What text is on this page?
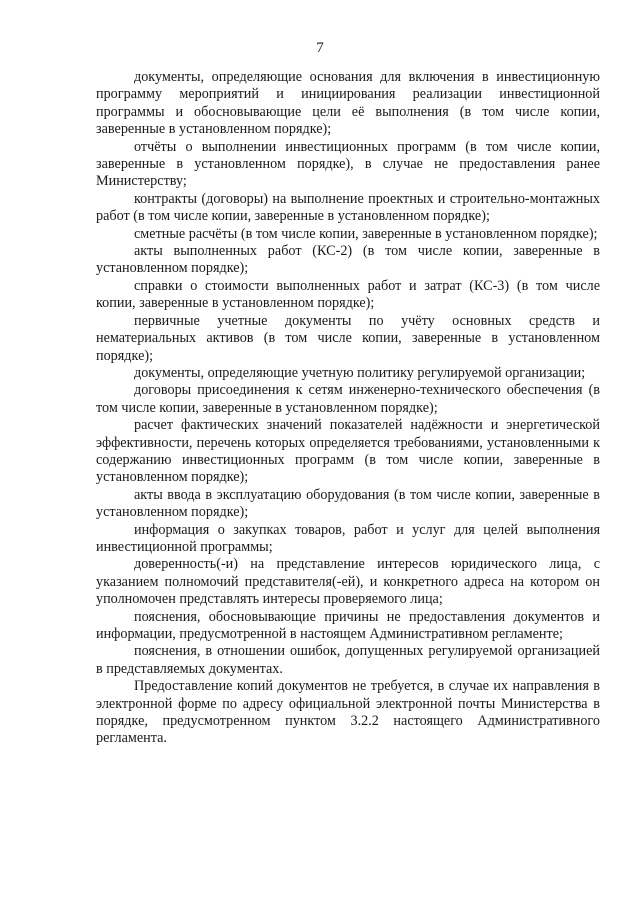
7

документы, определяющие основания для включения в инвестиционную программу мероприятий и инициирования реализации инвестиционной программы и обосновывающие цели её выполнения (в том числе копии, заверенные в установленном порядке);

отчёты о выполнении инвестиционных программ (в том числе копии, заверенные в установленном порядке), в случае не предоставления ранее Министерству;

контракты (договоры) на выполнение проектных и строительно-монтажных работ (в том числе копии, заверенные в установленном порядке);

сметные расчёты (в том числе копии, заверенные в установленном порядке);

акты выполненных работ (КС-2) (в том числе копии, заверенные в установленном порядке);

справки о стоимости выполненных работ и затрат (КС-3) (в том числе копии, заверенные в установленном порядке);

первичные учетные документы по учёту основных средств и нематериальных активов (в том числе копии, заверенные в установленном порядке);

документы, определяющие учетную политику регулируемой организации;

договоры присоединения к сетям инженерно-технического обеспечения (в том числе копии, заверенные в установленном порядке);

расчет фактических значений показателей надёжности и энергетической эффективности, перечень которых определяется требованиями, установленными к содержанию инвестиционных программ (в том числе копии, заверенные в установленном порядке);

акты ввода в эксплуатацию оборудования (в том числе копии, заверенные в установленном порядке);

информация о закупках товаров, работ и услуг для целей выполнения инвестиционной программы;

доверенность(-и) на представление интересов юридического лица, с указанием полномочий представителя(-ей), и конкретного адреса на котором он уполномочен представлять интересы проверяемого лица;

пояснения, обосновывающие причины не предоставления документов и информации, предусмотренной в настоящем Административном регламенте;

пояснения, в отношении ошибок, допущенных регулируемой организацией в представляемых документах.

Предоставление копий документов не требуется, в случае их направления в электронной форме по адресу официальной электронной почты Министерства в порядке, предусмотренном пунктом 3.2.2 настоящего Административного регламента.
